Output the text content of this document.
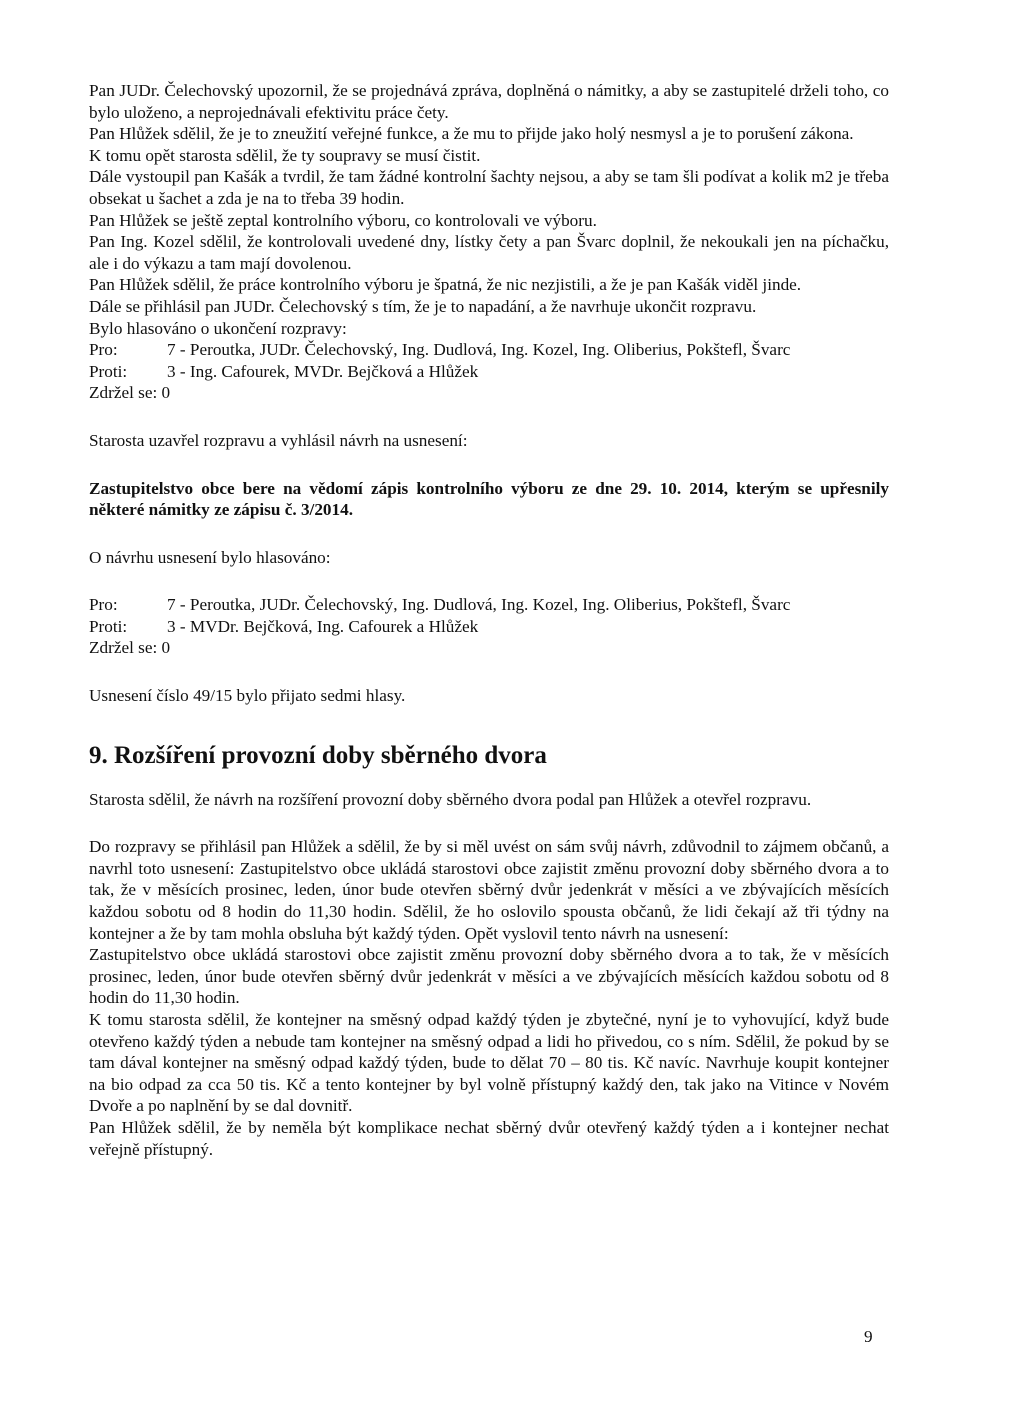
Pan JUDr. Čelechovský upozornil, že se projednává zpráva, doplněná o námitky, a aby se zastupitelé drželi toho, co bylo uloženo, a neprojednávali efektivitu práce čety.

Pan Hlůžek sdělil, že je to zneužití veřejné funkce, a že mu to přijde jako holý nesmysl a je to porušení zákona.

K tomu opět starosta sdělil, že ty soupravy se musí čistit.

Dále vystoupil pan Kašák a tvrdil, že tam žádné kontrolní šachty nejsou, a aby se tam šli podívat a kolik m2 je třeba obsekat u šachet a zda je na to třeba 39 hodin.

Pan Hlůžek se ještě zeptal kontrolního výboru, co kontrolovali ve výboru.

Pan Ing. Kozel sdělil, že kontrolovali uvedené dny, lístky čety a pan Švarc doplnil, že nekoukali jen na píchačku, ale i do výkazu a tam mají dovolenou.

Pan Hlůžek sdělil, že práce kontrolního výboru je špatná, že nic nezjistili, a že je pan Kašák viděl jinde.

Dále se přihlásil pan JUDr. Čelechovský s tím, že je to napadání, a že navrhuje ukončit rozpravu.

Bylo hlasováno o ukončení rozpravy:

Pro:	7 - Peroutka, JUDr. Čelechovský, Ing. Dudlová, Ing. Kozel, Ing. Oliberius, Pokštefl, Švarc
Proti:	3 - Ing. Cafourek, MVDr. Bejčková a Hlůžek
Zdržel se: 0

Starosta uzavřel rozpravu a vyhlásil návrh na usnesení:

Zastupitelstvo obce bere na vědomí zápis kontrolního výboru ze dne 29. 10. 2014, kterým se upřesnily některé námitky ze zápisu č. 3/2014.

O návrhu usnesení bylo hlasováno:

Pro:	7 - Peroutka, JUDr. Čelechovský, Ing. Dudlová, Ing. Kozel, Ing. Oliberius, Pokštefl, Švarc
Proti:	3 - MVDr. Bejčková, Ing. Cafourek a Hlůžek
Zdržel se: 0

Usnesení číslo 49/15 bylo přijato sedmi hlasy.

9. Rozšíření provozní doby sběrného dvora

Starosta sdělil, že návrh na rozšíření provozní doby sběrného dvora podal pan Hlůžek a otevřel rozpravu.

Do rozpravy se přihlásil pan Hlůžek a sdělil, že by si měl uvést on sám svůj návrh, zdůvodnil to zájmem občanů, a navrhl toto usnesení: Zastupitelstvo obce ukládá starostovi obce zajistit změnu provozní doby sběrného dvora a to tak, že v měsících prosinec, leden, únor bude otevřen sběrný dvůr jedenkrát v měsíci a ve zbývajících měsících každou sobotu od 8 hodin do 11,30 hodin. Sdělil, že ho oslovilo spousta občanů, že lidi čekají až tři týdny na kontejner a že by tam mohla obsluha být každý týden. Opět vyslovil tento návrh na usnesení:

Zastupitelstvo obce ukládá starostovi obce zajistit změnu provozní doby sběrného dvora a to tak, že v měsících prosinec, leden, únor bude otevřen sběrný dvůr jedenkrát v měsíci a ve zbývajících měsících každou sobotu od 8 hodin do 11,30 hodin.

K tomu starosta sdělil, že kontejner na směsný odpad každý týden je zbytečné, nyní je to vyhovující, když bude otevřeno každý týden a nebude tam kontejner na směsný odpad a lidi ho přivedou, co s ním. Sdělil, že pokud by se tam dával kontejner na směsný odpad každý týden, bude to dělat 70 – 80 tis. Kč navíc. Navrhuje koupit kontejner na bio odpad za cca 50 tis. Kč a tento kontejner by byl volně přístupný každý den, tak jako na Vitince v Novém Dvoře a po naplnění by se dal dovnitř.

Pan Hlůžek sdělil, že by neměla být komplikace nechat sběrný dvůr otevřený každý týden a i kontejner nechat veřejně přístupný.

9
